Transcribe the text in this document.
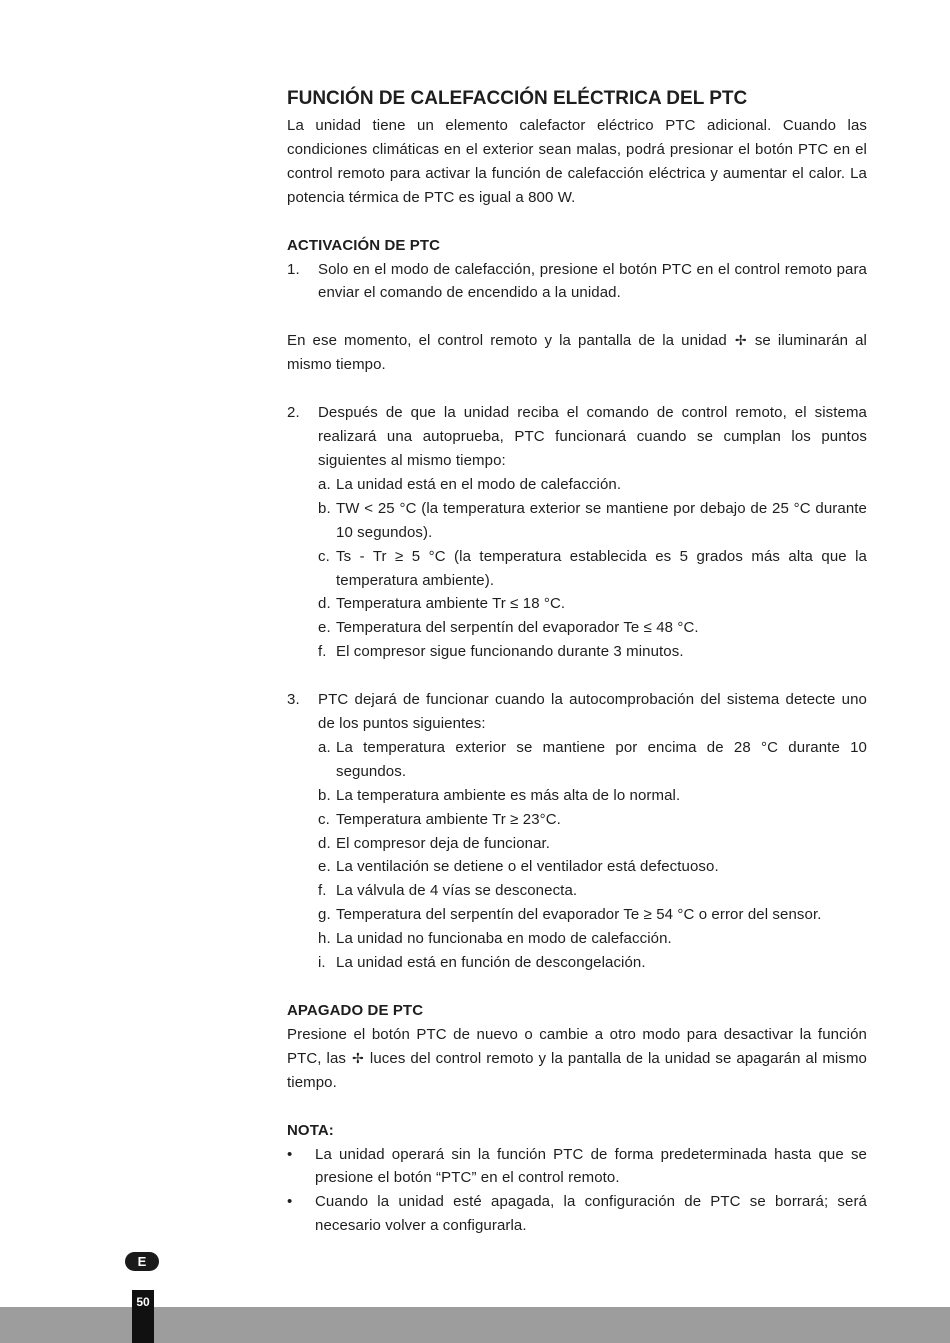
FUNCIÓN DE CALEFACCIÓN ELÉCTRICA DEL PTC

La unidad tiene un elemento calefactor eléctrico PTC adicional. Cuando las condiciones climáticas en el exterior sean malas, podrá presionar el botón PTC en el control remoto para activar la función de calefacción eléctrica y aumentar el calor. La potencia térmica de PTC es igual a 800 W.

ACTIVACIÓN DE PTC
1. Solo en el modo de calefacción, presione el botón PTC en el control remoto para enviar el comando de encendido a la unidad.

En ese momento, el control remoto y la pantalla de la unidad ✢ se iluminarán al mismo tiempo.

2. Después de que la unidad reciba el comando de control remoto, el sistema realizará una autoprueba, PTC funcionará cuando se cumplan los puntos siguientes al mismo tiempo:
a. La unidad está en el modo de calefacción.
b. TW < 25 °C (la temperatura exterior se mantiene por debajo de 25 °C durante 10 segundos).
c. Ts - Tr ≥ 5 °C (la temperatura establecida es 5 grados más alta que la temperatura ambiente).
d. Temperatura ambiente Tr ≤ 18 °C.
e. Temperatura del serpentín del evaporador Te ≤ 48 °C.
f. El compresor sigue funcionando durante 3 minutos.
3. PTC dejará de funcionar cuando la autocomprobación del sistema detecte uno de los puntos siguientes:
a. La temperatura exterior se mantiene por encima de 28 °C durante 10 segundos.
b. La temperatura ambiente es más alta de lo normal.
c. Temperatura ambiente Tr ≥ 23°C.
d. El compresor deja de funcionar.
e. La ventilación se detiene o el ventilador está defectuoso.
f. La válvula de 4 vías se desconecta.
g. Temperatura del serpentín del evaporador Te ≥ 54 °C o error del sensor.
h. La unidad no funcionaba en modo de calefacción.
i. La unidad está en función de descongelación.
APAGADO DE PTC

Presione el botón PTC de nuevo o cambie a otro modo para desactivar la función PTC, las ✢ luces del control remoto y la pantalla de la unidad se apagarán al mismo tiempo.

NOTA:
• La unidad operará sin la función PTC de forma predeterminada hasta que se presione el botón “PTC” en el control remoto.
• Cuando la unidad esté apagada, la configuración de PTC se borrará; será necesario volver a configurarla.
E
50
